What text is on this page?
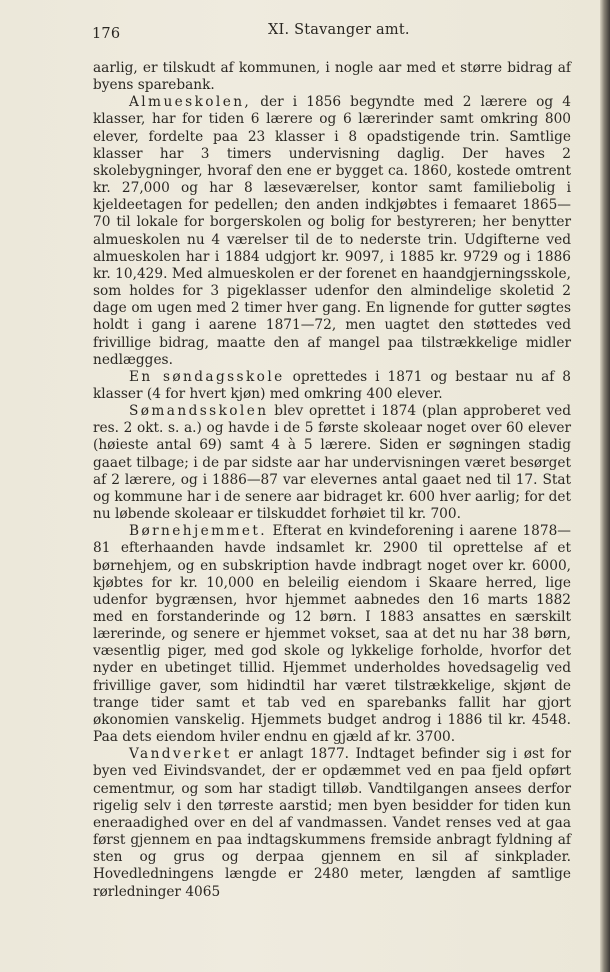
176	XI. Stavanger amt.

aarlig, er tilskudt af kommunen, i nogle aar med et større bidrag af byens sparebank.

Almueskolen, der i 1856 begyndte med 2 lærere og 4 klasser, har for tiden 6 lærere og 6 lærerinder samt omkring 800 elever, fordelte paa 23 klasser i 8 opadstigende trin. Samtlige klasser har 3 timers undervisning daglig. Der haves 2 skolebygninger, hvoraf den ene er bygget ca. 1860, kostede omtrent kr. 27,000 og har 8 læseværelser, kontor samt familiebolig i kjeldeetagen for pedellen; den anden indkjøbtes i femaaret 1865—70 til lokale for borgerskolen og bolig for bestyreren; her benytter almueskolen nu 4 værelser til de to nederste trin. Udgifterne ved almueskolen har i 1884 udgjort kr. 9097, i 1885 kr. 9729 og i 1886 kr. 10,429. Med almueskolen er der forenet en haandgjerningsskole, som holdes for 3 pigeklasser udenfor den almindelige skoletid 2 dage om ugen med 2 timer hver gang. En lignende for gutter søgtes holdt i gang i aarene 1871—72, men uagtet den støttedes ved frivillige bidrag, maatte den af mangel paa tilstrækkelige midler nedlægges.

En søndagsskole oprettedes i 1871 og bestaar nu af 8 klasser (4 for hvert kjøn) med omkring 400 elever.

Sømandsskolen blev oprettet i 1874 (plan approberet ved res. 2 okt. s. a.) og havde i de 5 første skoleaar noget over 60 elever (høieste antal 69) samt 4 à 5 lærere. Siden er søgningen stadig gaaet tilbage; i de par sidste aar har undervisningen været besørget af 2 lærere, og i 1886—87 var elevernes antal gaaet ned til 17. Stat og kommune har i de senere aar bidraget kr. 600 hver aarlig; for det nu løbende skoleaar er tilskuddet forhøiet til kr. 700.

Børnehjemmet. Efterat en kvindeforening i aarene 1878—81 efterhaanden havde indsamlet kr. 2900 til oprettelse af et børnehjem, og en subskription havde indbragt noget over kr. 6000, kjøbtes for kr. 10,000 en beleilig eiendom i Skaare herred, lige udenfor bygrænsen, hvor hjemmet aabnedes den 16 marts 1882 med en forstanderinde og 12 børn. I 1883 ansattes en særskilt lærerinde, og senere er hjemmet vokset, saa at det nu har 38 børn, væsentlig piger, med god skole og lykkelige forholde, hvorfor det nyder en ubetinget tillid. Hjemmet underholdes hovedsagelig ved frivillige gaver, som hidindtil har været tilstrækkelige, skjønt de trange tider samt et tab ved en sparebanks fallit har gjort økonomien vanskelig. Hjemmets budget androg i 1886 til kr. 4548. Paa dets eiendom hviler endnu en gjæld af kr. 3700.

Vandverket er anlagt 1877. Indtaget befinder sig i øst for byen ved Eivindsvandet, der er opdæmmet ved en paa fjeld opført cementmur, og som har stadigt tilløb. Vandtilgangen ansees derfor rigelig selv i den tørreste aarstid; men byen besidder for tiden kun eneraadighed over en del af vandmassen. Vandet renses ved at gaa først gjennem en paa indtagskummens fremside anbragt fyldning af sten og grus og derpaa gjennem en sil af sinkplader. Hovedledningens længde er 2480 meter, længden af samtlige rørledninger 4065
